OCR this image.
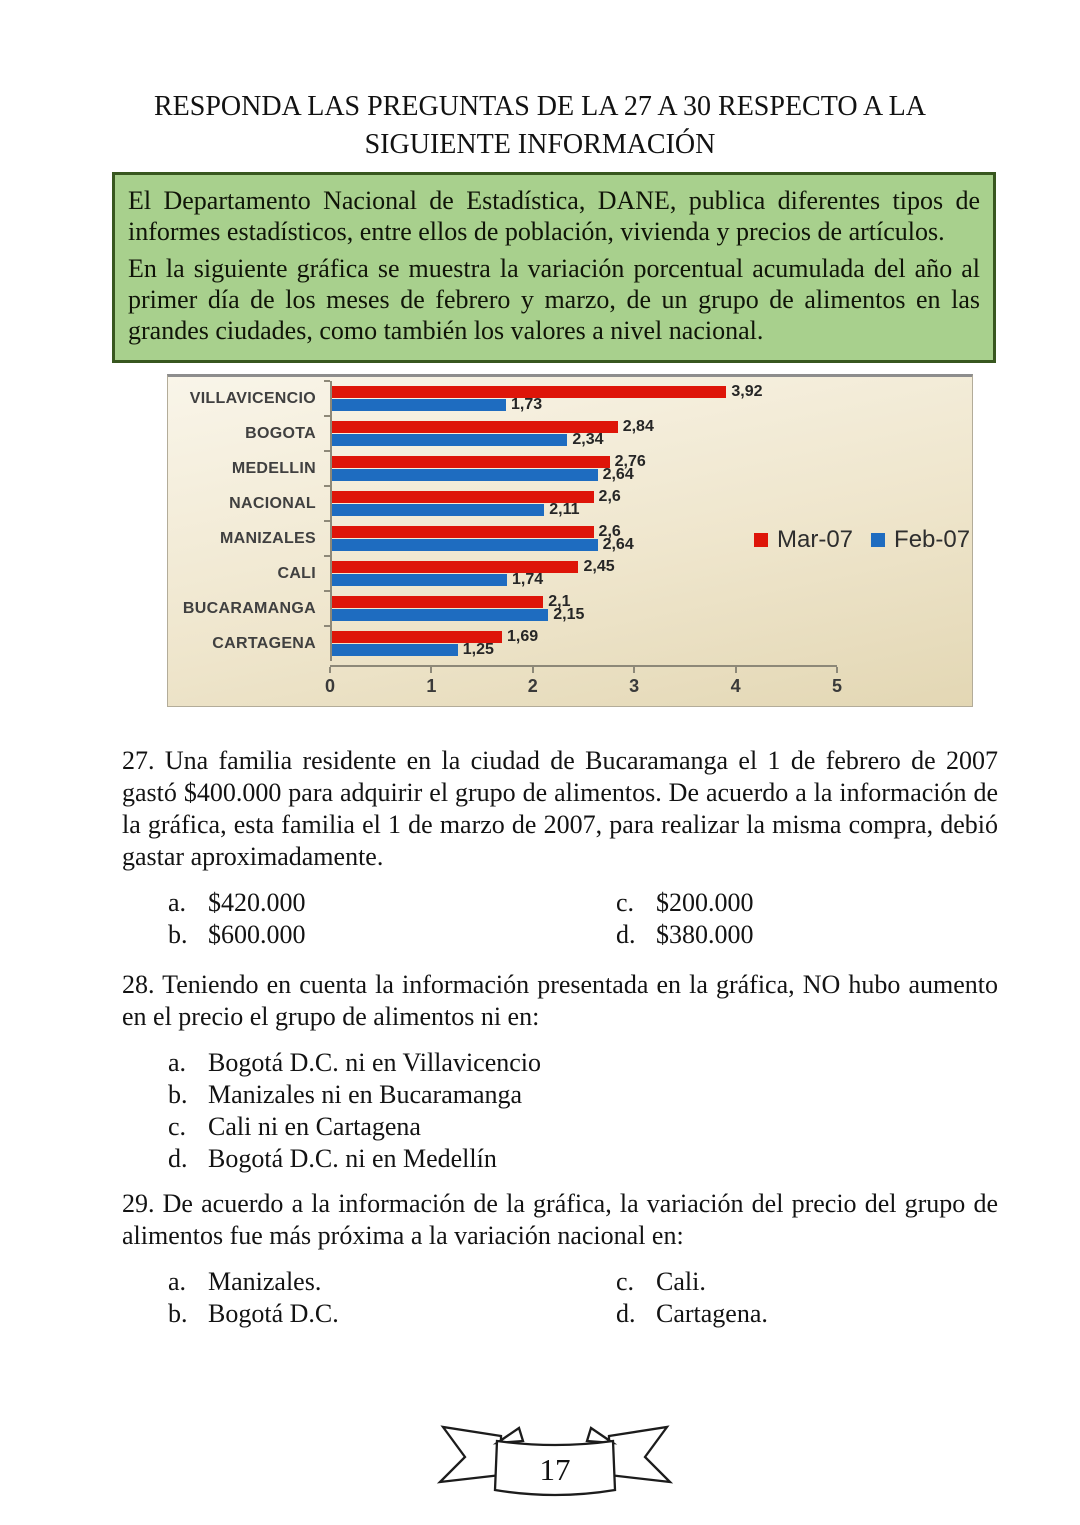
RESPONDA LAS PREGUNTAS DE LA 27 A 30 RESPECTO A LA
SIGUIENTE INFORMACIÓN

El Departamento Nacional de Estadística, DANE, publica diferentes tipos de informes estadísticos, entre ellos de población, vivienda y precios de artículos.

En la siguiente gráfica se muestra la variación porcentual acumulada del año al primer día de los meses de febrero y marzo, de un grupo de alimentos en las grandes ciudades, como también los valores a nivel nacional.

VILLAVICENCIO	3,92
1,73
BOGOTA	2,84
2,34
MEDELLIN	2,76
2,64
NACIONAL	2,6
2,11
MANIZALES	2,6
2,64
CALI	2,45
1,74
BUCARAMANGA	2,1
2,15
CARTAGENA	1,69
1,25
0	1	2	3	4	5
Mar-07 Feb-07
27. Una familia residente en la ciudad de Bucaramanga el 1 de febrero de 2007 gastó $400.000 para adquirir el grupo de alimentos. De acuerdo a la información de la gráfica, esta familia el 1 de marzo de 2007, para realizar la misma compra, debió gastar aproximadamente.
a. $420.000
b. $600.000
c. $200.000
d. $380.000
28. Teniendo en cuenta la información presentada en la gráfica, NO hubo aumento en el precio el grupo de alimentos ni en:
a. Bogotá D.C. ni en Villavicencio
b. Manizales ni en Bucaramanga
c. Cali ni en Cartagena
d. Bogotá D.C. ni en Medellín
29. De acuerdo a la información de la gráfica, la variación del precio del grupo de alimentos fue más próxima a la variación nacional en:
a. Manizales.
b. Bogotá D.C.
c. Cali.
d. Cartagena.
17
